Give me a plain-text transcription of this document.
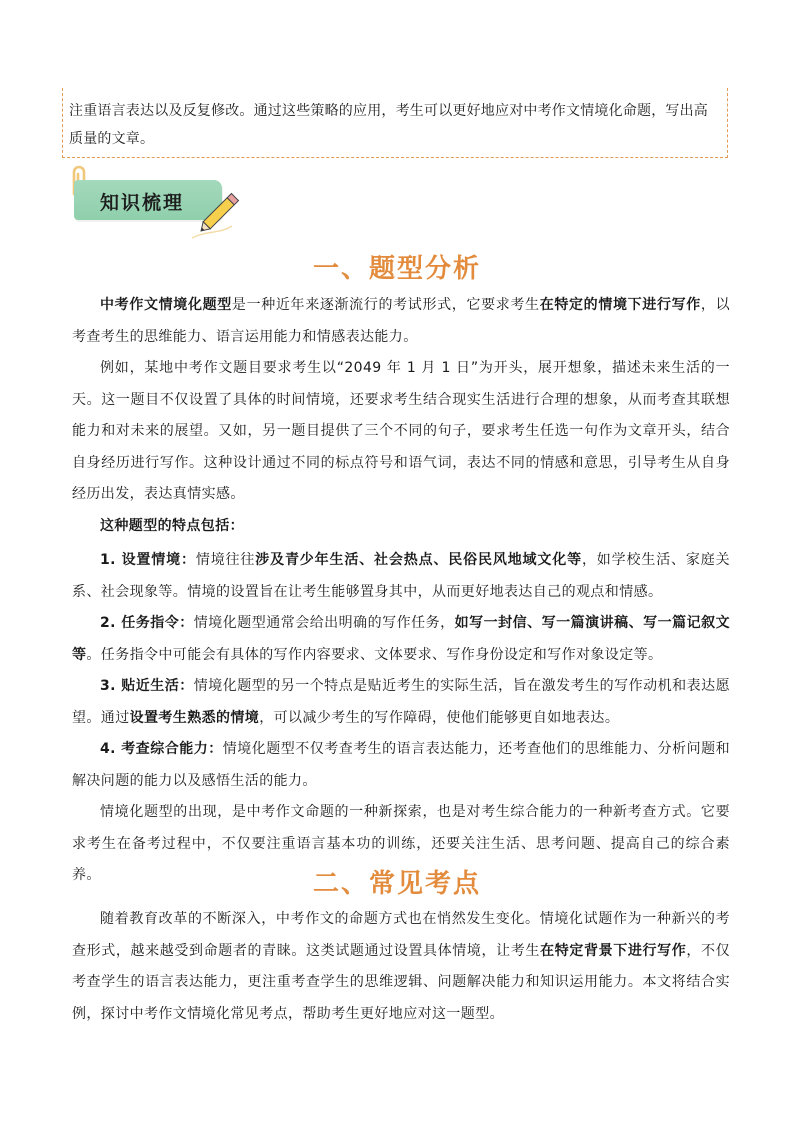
注重语言表达以及反复修改。通过这些策略的应用，考生可以更好地应对中考作文情境化命题，写出高质量的文章。

知识梳理
一、题型分析

中考作文情境化题型是一种近年来逐渐流行的考试形式，它要求考生在特定的情境下进行写作，以考查考生的思维能力、语言运用能力和情感表达能力。

例如，某地中考作文题目要求考生以“2049 年 1 月 1 日”为开头，展开想象，描述未来生活的一天。这一题目不仅设置了具体的时间情境，还要求考生结合现实生活进行合理的想象，从而考查其联想能力和对未来的展望。又如，另一题目提供了三个不同的句子，要求考生任选一句作为文章开头，结合自身经历进行写作。这种设计通过不同的标点符号和语气词，表达不同的情感和意思，引导考生从自身经历出发，表达真情实感。

这种题型的特点包括：

1. 设置情境：情境往往涉及青少年生活、社会热点、民俗民风地域文化等，如学校生活、家庭关系、社会现象等。情境的设置旨在让考生能够置身其中，从而更好地表达自己的观点和情感。

2. 任务指令：情境化题型通常会给出明确的写作任务，如写一封信、写一篇演讲稿、写一篇记叙文等。任务指令中可能会有具体的写作内容要求、文体要求、写作身份设定和写作对象设定等。

3. 贴近生活：情境化题型的另一个特点是贴近考生的实际生活，旨在激发考生的写作动机和表达愿望。通过设置考生熟悉的情境，可以减少考生的写作障碍，使他们能够更自如地表达。

4. 考查综合能力：情境化题型不仅考查考生的语言表达能力，还考查他们的思维能力、分析问题和解决问题的能力以及感悟生活的能力。

情境化题型的出现，是中考作文命题的一种新探索，也是对考生综合能力的一种新考查方式。它要求考生在备考过程中，不仅要注重语言基本功的训练，还要关注生活、思考问题、提高自己的综合素养。	二、常见考点

随着教育改革的不断深入，中考作文的命题方式也在悄然发生变化。情境化试题作为一种新兴的考查形式，越来越受到命题者的青睐。这类试题通过设置具体情境，让考生在特定背景下进行写作，不仅考查学生的语言表达能力，更注重考查学生的思维逻辑、问题解决能力和知识运用能力。本文将结合实例，探讨中考作文情境化常见考点，帮助考生更好地应对这一题型。
